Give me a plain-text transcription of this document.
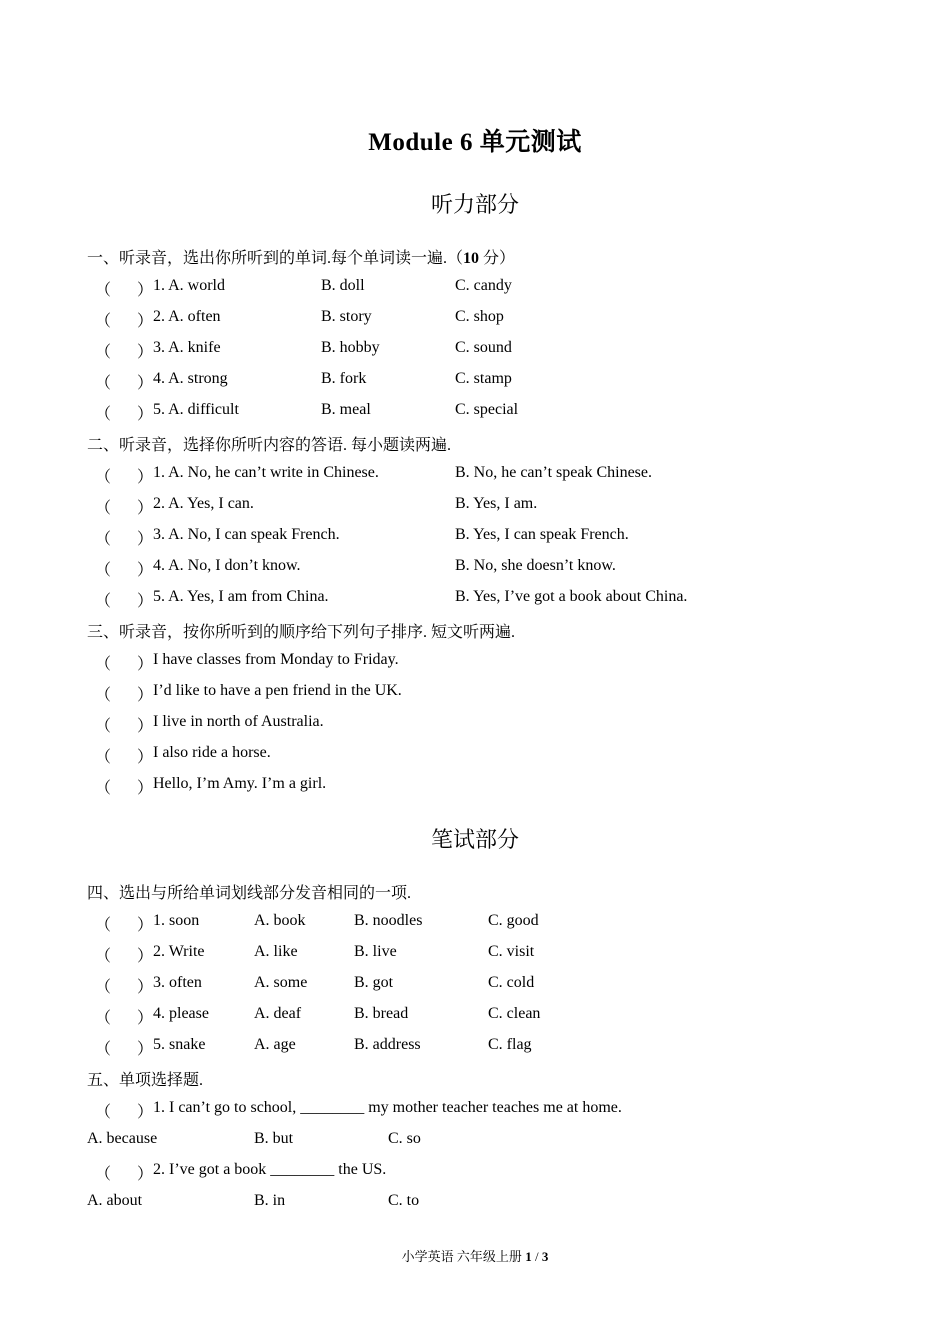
Module 6 单元测试
听力部分
一、听录音，选出你所听到的单词.每个单词读一遍.（10 分）
（ ） 1. A. world	B. doll	C. candy
（ ） 2. A. often	B. story	C. shop
（ ） 3. A. knife	B. hobby	C. sound
（ ） 4. A. strong	B. fork	C. stamp
（ ） 5. A. difficult	B. meal	C. special
二、听录音，选择你所听内容的答语. 每小题读两遍.
（ ） 1. A. No, he can’t write in Chinese.	B. No, he can’t speak Chinese.
（ ） 2. A. Yes, I can.	B. Yes, I am.
（ ） 3. A. No, I can speak French.	B. Yes, I can speak French.
（ ） 4. A. No, I don’t know.	B. No, she doesn’t know.
（ ） 5. A. Yes, I am from China.	B. Yes, I’ve got a book about China.
三、听录音，按你所听到的顺序给下列句子排序. 短文听两遍.
（ ） I have classes from Monday to Friday.
（ ） I’d like to have a pen friend in the UK.
（ ） I live in north of Australia.
（ ） I also ride a horse.
（ ） Hello, I’m Amy. I’m a girl.
笔试部分
四、选出与所给单词划线部分发音相同的一项.
（ ） 1. soon	A. book	B. noodles	C. good
（ ） 2. Write	A. like	B. live	C. visit
（ ） 3. often	A. some	B. got	C. cold
（ ） 4. please	A. deaf	B. bread	C. clean
（ ） 5. snake	A. age	B. address	C. flag
五、单项选择题.
（ ） 1. I can’t go to school, ________ my mother teacher teaches me at home.
A. because	B. but	C. so
（ ） 2. I’ve got a book ________ the US.
A. about	B. in	C. to
小学英语 六年级上册 1 / 3
